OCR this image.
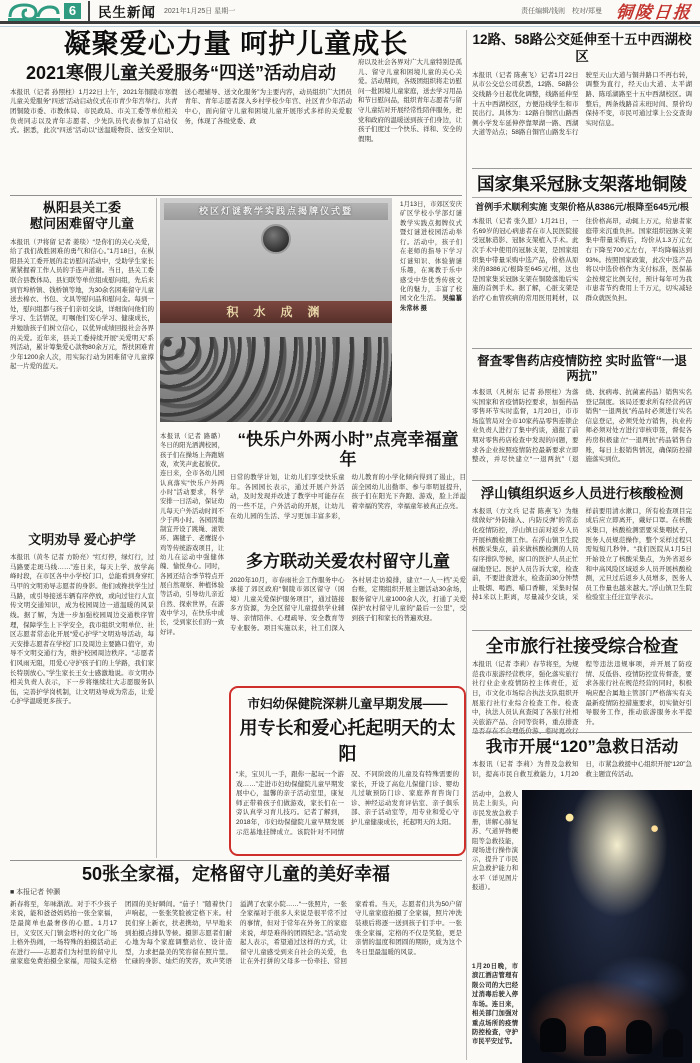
6	民生新闻 2021年1月25日 星期一	责任编辑/钱则　校对/郑曼 铜陵日报
凝聚爱心力量 呵护儿童成长
2021寒假儿童关爱服务“四送”活动启动
本报讯（记者 孙照柱）1月22日上午，2021年铜陵市寒假儿童关爱服务“四送”活动启动仪式在市青少年宫举行。共青团铜陵市委、市教体局、市民政局、市关工委等单位相关负责同志以及青年志愿者、少先队员代表参加了启动仪式。据悉，此次“四送”活动以“送温暖物资、送安全知识、送心理辅导、送文化服务”为主要内容，动员组织广大团员青年、青年志愿者深入乡村学校少年宫、社区青少年活动中心，面向留守儿童和困境儿童开展形式多样的关爱服务，体现了各级党委、政
府以及社会各界对广大儿童特别是孤儿、留守儿童和困境儿童的关心关爱。活动期间，各级团组织将走访慰问一批困境儿童家庭，送去学习用品和节日慰问品，组织青年志愿者与留守儿童结对开展经常性陪伴服务，把党和政府的温暖送到孩子们身边，让孩子们度过一个快乐、祥和、安全的假期。
枞阳县关工委
慰问困难留守儿童
本报讯（尹将留 记者 姜琰）“是你们的关心关爱，给了我们战胜困难的勇气和信心。”1月18日，在枞阳县关工委开展的走访慰问活动中，受助学生家长紧紧握着工作人员的手连声道谢。当日，县关工委联合县教体局、县妇联等单位组成慰问组，先后来到官埠桥镇、钱桥镇等地，为30余名困难留守儿童送去棉衣、书包、文具等慰问品和慰问金。每到一处，慰问组都与孩子们亲切交谈，详细询问他们的学习、生活情况，叮嘱他们安心学习、健康成长，并勉励孩子们树立信心，以优异成绩回报社会各界的关爱。近年来，县关工委持续开展“关爱明天”系列活动，累计筹集爱心款物80余万元，帮扶困难青少年1200余人次，用实际行动为困难留守儿童撑起一片爱的蓝天。
文明劝导 爱心护学
本报讯（黄冬 记者 方盼亮）“红灯停，绿灯行，过马路要走斑马线……”连日来，每天上学、放学高峰时段，在市区各中小学校门口，总能看到身穿红马甲的文明劝导志愿者的身影。他们或搀扶学生过马路，或引导接送车辆有序停放，或向过往行人宣传文明交通知识，成为校园周边一道温暖的风景线。据了解，为进一步加强校园周边交通秩序管理，保障学生上下学安全，我市组织文明单位、社区志愿者常态化开展“爱心护学”文明劝导活动，每天安排志愿者在学校门口及周边主要路口值守，劝导不文明交通行为，维护校园周边秩序。“志愿者们风雨无阻，用爱心守护孩子们的上学路，我们家长特别放心。”学生家长王女士感激地说。市文明办相关负责人表示，下一步将继续壮大志愿服务队伍，完善护学岗机制，让文明劝导成为常态，让爱心护学温暖更多孩子。
校区灯谜教学实践点揭牌仪式暨
积 水 成 渊
1月13日，市郊区安庆矿区学校小学部灯谜教学实践点揭牌仪式暨灯谜进校园活动举行。活动中，孩子们在老师的指导下学习灯谜知识、体验猜谜乐趣，在寓教于乐中感受中华优秀传统文化的魅力，丰富了校园文化生活。 吴编纂 朱常林 摄
本报讯（记者 路璐）冬日的阳光洒满校园，孩子们在操场上奔跑嬉戏，欢笑声此起彼伏。连日来，全市各幼儿园认真落实“快乐户外两小时”活动要求，科学安排一日活动，保证幼儿每天户外活动时间不少于两小时。各园因地制宜开设了跳绳、滚铁环、踢毽子、老鹰捉小鸡等传统游戏项目，让幼儿在运动中强健体魄、愉悦身心。同时，各园还结合季节特点开展自然观察、种植体验等活动，引导幼儿亲近自然、探索世界，在游戏中学习，在快乐中成长，受到家长们的一致好评。
“快乐户外两小时”点亮幸福童年
日常的教学计划，让幼儿们享受快乐童年。各园园长表示，通过开展户外活动，及时发现并改进了教学中可能存在的一些不足，户外活动的开展，让幼儿在幼儿园的生活、学习更加丰富多彩，幼儿教育的小学化倾向得到了遏止，目前全园幼儿出勤率、参与率明显提升，孩子们在阳光下奔跑、游戏，脸上洋溢着幸福的笑容，幸福童年被真正点亮。
多方联动关爱农村留守儿童
2020年10月，市春雨社会工作服务中心承接了郊区政府“铜陵市郊区留守（困境）儿童关爱保护服务项目”，通过链接多方资源，为全区留守儿童提供学业辅导、亲情陪伴、心理疏导、安全教育等专业服务。项目实施以来，社工们深入各村居走访摸排，建立“一人一档”关爱台账，定期组织开展主题活动30余场，服务留守儿童1000余人次，打通了关爱保护农村留守儿童的“最后一公里”，受到孩子们和家长的普遍欢迎。
市妇幼保健院深耕儿童早期发展——
用专长和爱心托起明天的太阳
“来，宝贝儿一手，跟你一起玩一个游戏……”走进市妇幼保健院儿童早期发展中心，温馨的亲子活动室里，康复师正带着孩子们做游戏，家长们在一旁认真学习育儿技巧。记者了解到，2018年，市妇幼保健院儿童早期发展示范基地挂牌成立。该院针对不同情况、不同阶段的儿童及有特殊需要的家长，开设了高危儿保健门诊、婴幼儿过敏预防门诊、家庭养育咨询门诊、神经运动发育评估室、亲子俱乐部、亲子活动室等，用专业和爱心守护儿童健康成长，托起明天的太阳。
50张全家福，定格留守儿童的美好幸福
■ 本报记者 钟灏
新春将至，年味渐浓。对于不少孩子来说，能和爸爸妈妈拍一张全家福，是最简单也最奢侈的心愿。1月17日，义安区天门镇金塔村的文化广场上格外热闹，一场特殊的拍摄活动正在进行——志愿者们为村里的留守儿童家庭免费拍摄全家福，用镜头定格团圆的美好瞬间。“茄子！”随着快门声响起，一张张笑脸被定格下来。村民们穿上新衣，扶老携幼，早早地来到拍摄点排队等候。摄影志愿者们耐心地为每个家庭调整站位、设计造型，力求把最美的笑容留在照片里。忙碌的身影、灿烂的笑容，欢声笑语溢满了农家小院……“一张照片，一张全家福对于很多人来说是很平常不过的事情，但对于常年在外务工的家庭来说，却是难得的团圆纪念。”活动发起人表示，希望通过这样的方式，让留守儿童感受到来自社会的关爱，也让在外打拼的父母多一份牵挂、常回家看看。当天，志愿者们共为50户留守儿童家庭拍摄了全家福，照片冲洗装裱后将逐一送到孩子们手中。一张张全家福，定格的不仅是笑脸，更是亲情的温度和团圆的期盼，成为这个冬日里最温暖的风景。
12路、58路公交延伸至十五中西湖校区
本报讯（记者 陈燕飞）记者1月22日从市公交总公司获悉，12路、58路公交线路今日起优化调整，线路延伸至十五中西湖校区，方便沿线学生和市民出行。具体为：12路自铜官山路西侧小学发车延伸停靠翠湖一路、西湖大道等站点；58路自铜官山路发车行驶至天山大道与铜井路口不再右转，调整为直行，经天山大道、太平湖路、陈瑶湖路至十五中西湖校区。调整后，两条线路首末班时间、票价均保持不变，市民可通过掌上公交查询实时信息。
国家集采冠脉支架落地铜陵
首例手术顺利实施 支架价格从8386元/根降至645元/根
本报讯（记者 张久愿）1月21日，一名69岁的冠心病患者在市人民医院接受冠脉造影、冠脉支架植入手术。此次手术中使用的冠脉支架，是国家组织集中带量采购中选产品，价格从原来的8386元/根降至645元/根，这也是国家集采冠脉支架在铜陵落地后实施的首例手术。据了解，心脏支架是治疗心血管疾病的常用医用耗材，以往价格高昂，动辄上万元，给患者家庭带来沉重负担。国家组织冠脉支架集中带量采购后，均价从1.3万元左右下降至700元左右，平均降幅达到93%。按照国家政策，此次中选产品将以中选价格作为支付标准，医保基金按规定比例支付，预计每年可为我市患者节约费用上千万元，切实减轻群众就医负担。
督查零售药店疫情防控 实时监管“一退两抗”
本报讯（凡树东 记者 孙照柱）为落实国家和省疫情防控要求，加强药品零售环节实时监督，1月20日，市市场监管局对全市10家药品零售连锁企业负责人进行了集中约谈，通报了前期对零售药店检查中发现的问题，要求各企业按照疫情防控最新要求立即整改，并尽快建立“一退两抗”（退烧、抗病毒、抗菌素药品）销售实名登记制度。该局还要求所有经营药店销售“一退两抗”药品时必须进行实名信息登记，必须凭处方销售，执业药师必须对处方进行审核审签，督促各药房积极建立“一退两抗”药品销售台账，每日上报销售情况，确保防控措施落实到位。
浮山镇组织返乡人员进行核酸检测
本报讯（方文兵 记者 陈燕飞）为继续做好“外防输入、内防反弹”的常态化疫情防控，浮山镇日前对返乡人员开展核酸检测工作。在浮山镇卫生院核酸采集点，前来做核酸检测的人员有序排队等候，窗口的医护人员正忙碌地登记。医护人员告诉大家，检查前，不要进食进水，检查前30分钟禁止吸烟、喝酒、嚼口香糖，采集时保持1米以上距离，尽量减少交谈，采样前要用清水漱口，所有检查项目完成后应立即离开，戴好口罩。在核酸采集口，核酸检测需要采集咽拭子，医务人员规范操作，整个采样过程只需短短几秒钟。“我们医院从1月5日开始设立了核酸采集点，为外省返乡和中高风险区域返乡人员开展核酸检测，元旦过后返乡人员增多，医务人员工作量也越来越大。”浮山镇卫生院检验室主任汪宣学表示。
全市旅行社接受综合检查
本报讯（记者 李莉）春节将至，为规范我市旅游经营秩序，强化落实旅行社行业企业疫情防控主体责任，近日，市文化市场综合执法支队组织开展旅行社行业综合检查工作。检查中，执法人员认真查阅了各旅行社相关旅游产品、合同等资料，重点排查是否存在不合理低价游、临时更改行程等违法违规事项，并开展了防疫情、反低俗、疫情防控宣传督查，要求各旅行社在规范经营的同时，积极响应配合属地主管部门严格落实有关最新疫情防控措施要求，切实做好引导服务工作，推动旅游服务水平提升。
我市开展“120”急救日活动
本报讯（记者 李莉）为普及急救知识，提高市民自救互救能力，1月20日，市紧急救援中心组织开展“120”急救主题宣传活动。
活动中，急救人员走上街头，向市民发放急救手册，讲解心肺复苏、气道异物梗阻等急救技能，现场进行操作演示，提升了市民应急救护能力和水平（详见图片报道）。
1月20日晚，市滨江酒店管理有限公司的大巴经过消毒后驶入停车场。连日来，相关部门加强对重点场所的疫情防控检查，守护市民平安过节。
